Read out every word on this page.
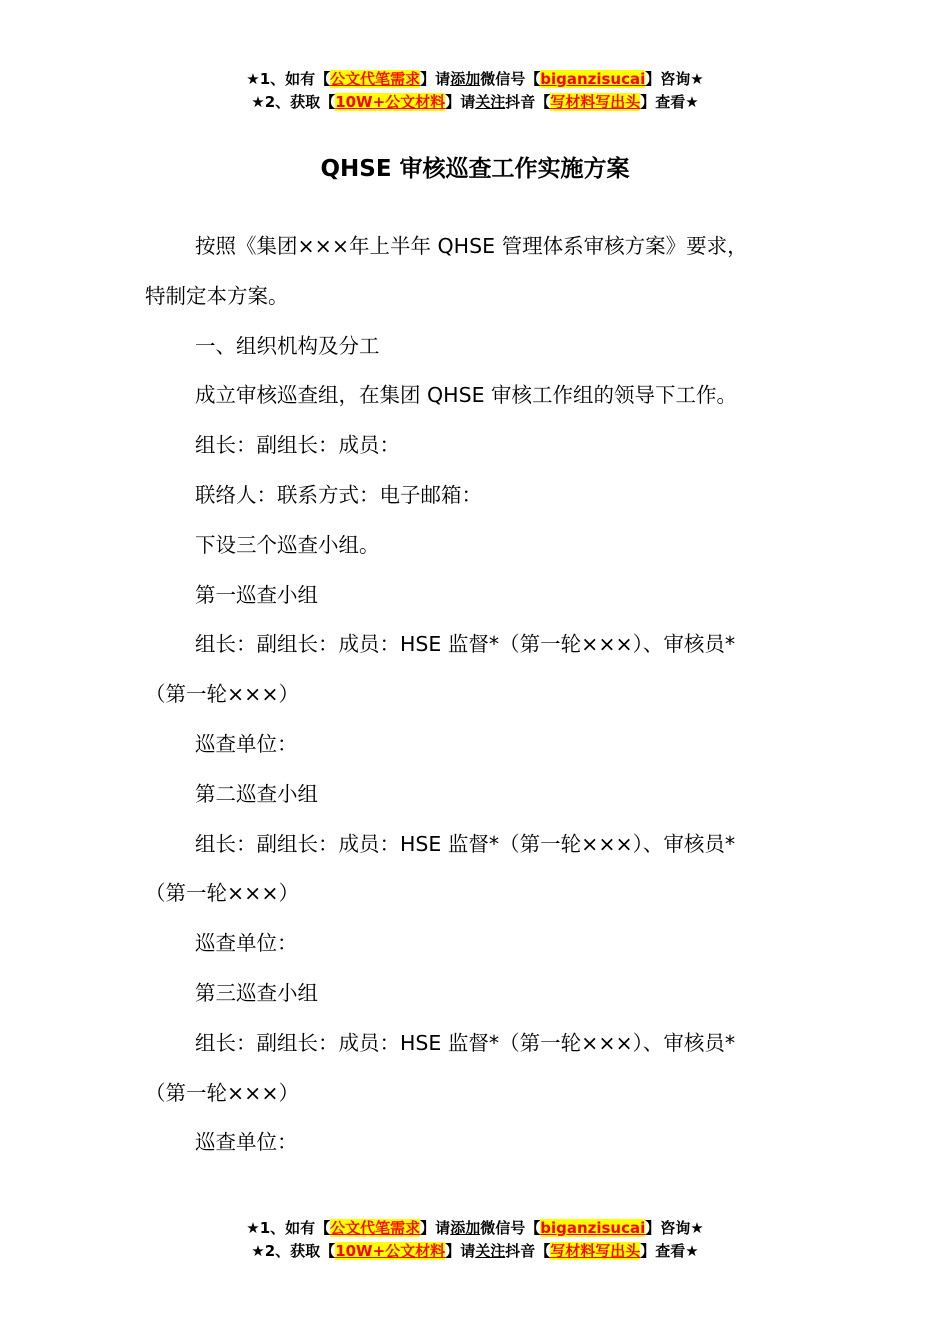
★1、如有【公文代笔需求】请添加微信号【biganzisucai】咨询★
★2、获取【10W+公文材料】请关注抖音【写材料写出头】查看★
QHSE 审核巡查工作实施方案
按照《集团×××年上半年 QHSE 管理体系审核方案》要求，
特制定本方案。
一、组织机构及分工
成立审核巡查组，在集团 QHSE 审核工作组的领导下工作。
组长：副组长：成员：
联络人：联系方式：电子邮箱：
下设三个巡查小组。
第一巡查小组
组长：副组长：成员：HSE 监督*（第一轮×××）、审核员*
（第一轮×××）
巡查单位：
第二巡查小组
组长：副组长：成员：HSE 监督*（第一轮×××）、审核员*
（第一轮×××）
巡查单位：
第三巡查小组
组长：副组长：成员：HSE 监督*（第一轮×××）、审核员*
（第一轮×××）
巡查单位：
★1、如有【公文代笔需求】请添加微信号【biganzisucai】咨询★
★2、获取【10W+公文材料】请关注抖音【写材料写出头】查看★
